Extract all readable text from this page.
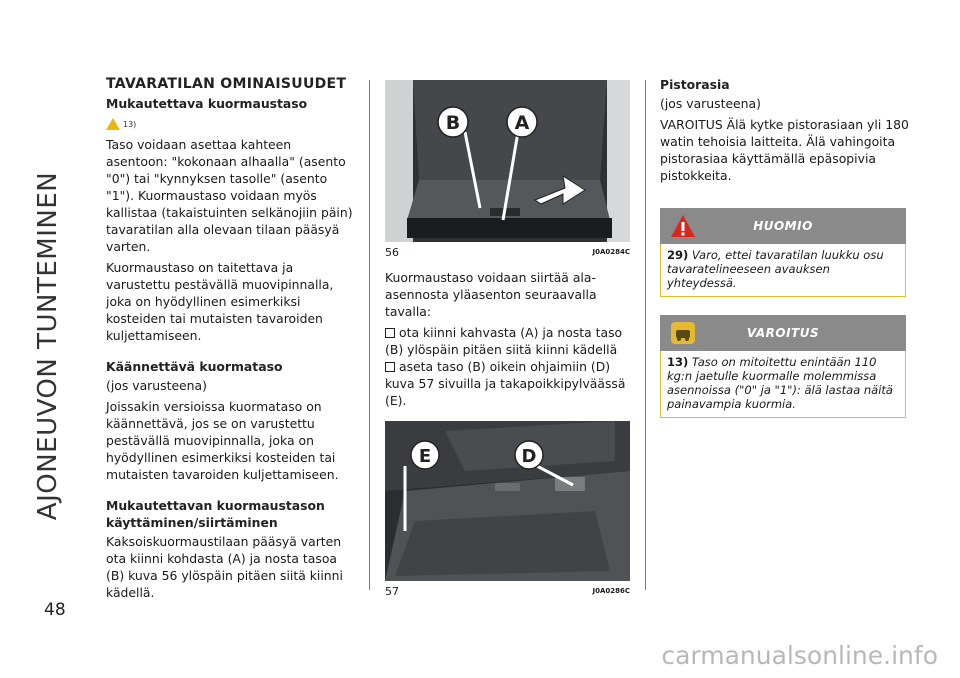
AJONEUVON TUNTEMINEN
48
TAVARATILAN OMINAISUUDET
Mukautettava kuormaustaso
13)

Taso voidaan asettaa kahteen asentoon: "kokonaan alhaalla" (asento "0") tai "kynnyksen tasolle" (asento "1"). Kuormaustaso voidaan myös kallistaa (takaistuinten selkänojiin päin) tavaratilan alla olevaan tilaan pääsyä varten.

Kuormaustaso on taitettava ja varustettu pestävällä muovipinnalla, joka on hyödyllinen esimerkiksi kosteiden tai mutaisten tavaroiden kuljettamiseen.

Käännettävä kuormataso

(jos varusteena)

Joissakin versioissa kuormataso on käännettävä, jos se on varustettu pestävällä muovipinnalla, joka on hyödyllinen esimerkiksi kosteiden tai mutaisten tavaroiden kuljettamiseen.

Mukautettavan kuormaustason
käyttäminen/siirtäminen

Kaksoiskuormaustilaan pääsyä varten ota kiinni kohdasta (A) ja nosta tasoa (B) kuva 56 ylöspäin pitäen siitä kiinni kädellä.

B	A
56	J0A0284C

Kuormaustaso voidaan siirtää ala-asennosta yläasenton seuraavalla tavalla:

ota kiinni kahvasta (A) ja nosta taso (B) ylöspäin pitäen siitä kiinni kädellä

aseta taso (B) oikein ohjaimiin (D) kuva 57 sivuilla ja takapoikkipylväässä (E).

E	D
57	J0A0286C
Pistorasia

(jos varusteena)

VAROITUS Älä kytke pistorasiaan yli 180 watin tehoisia laitteita. Älä vahingoita pistorasiaa käyttämällä epäsopivia pistokkeita.

HUOMIO
29) Varo, ettei tavaratilan luukku osu tavaratelineeseen avauksen yhteydessä.
VAROITUS
13) Taso on mitoitettu enintään 110 kg:n jaetulle kuormalle molemmissa asennoissa ("0" ja "1"): älä lastaa näitä painavampia kuormia.
carmanualsonline.info
